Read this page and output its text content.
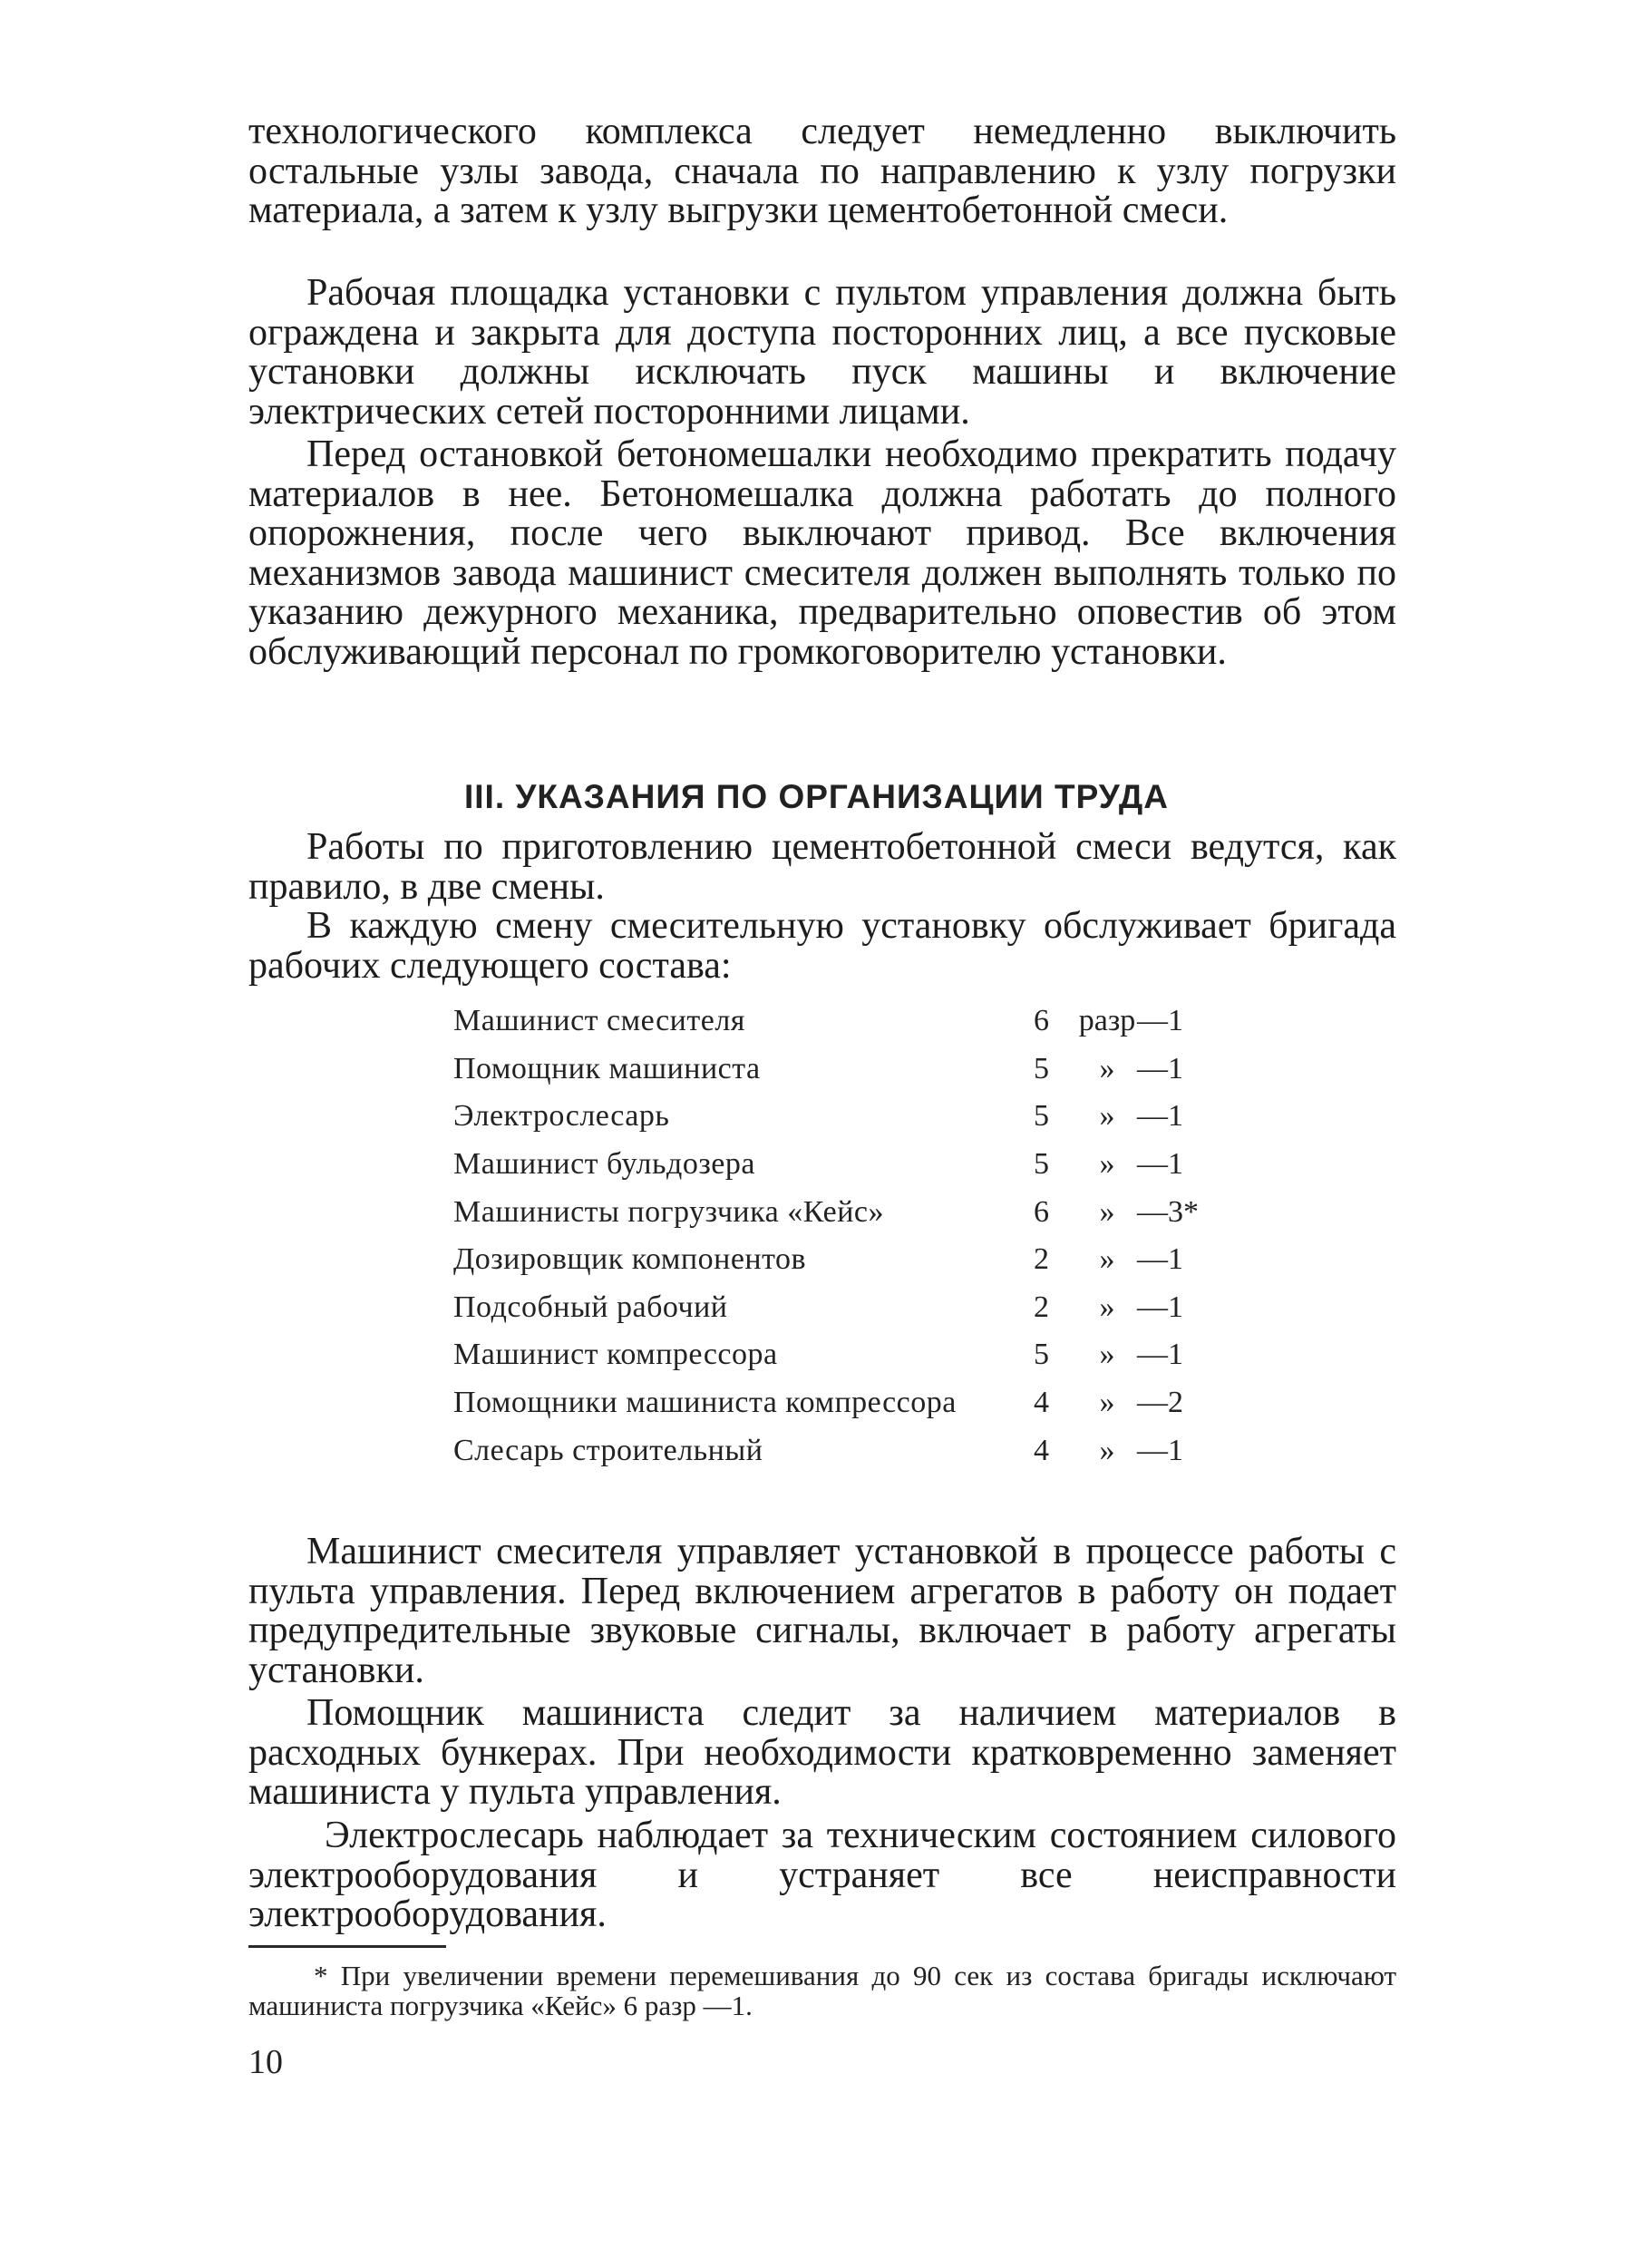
технологического комплекса следует немедленно выключить остальные узлы завода, сначала по направлению к узлу погрузки материала, а затем к узлу выгрузки цементобетонной смеси.

Рабочая площадка установки с пультом управления должна быть ограждена и закрыта для доступа посторонних лиц, а все пусковые установки должны исключать пуск машины и включение электрических сетей посторонними лицами.

Перед остановкой бетономешалки необходимо прекратить подачу материалов в нее. Бетономешалка должна работать до полного опорожнения, после чего выключают привод. Все включения механизмов завода машинист смесителя должен выполнять только по указанию дежурного механика, предварительно оповестив об этом обслуживающий персонал по громкоговорителю установки.

III. УКАЗАНИЯ ПО ОРГАНИЗАЦИИ ТРУДА

Работы по приготовлению цементобетонной смеси ведутся, как правило, в две смены.

В каждую смену смесительную установку обслуживает бригада рабочих следующего состава:

Машинист смесителя	6	разр	—1
Помощник машиниста	5	»	—1
Электрослесарь	5	»	—1
Машинист бульдозера	5	»	—1
Машинисты погрузчика «Кейс»	6	»	—3*
Дозировщик компонентов	2	»	—1
Подсобный рабочий	2	»	—1
Машинист компрессора	5	»	—1
Помощники машиниста компрессора	4	»	—2
Слесарь строительный	4	»	—1

Машинист смесителя управляет установкой в процессе работы с пульта управления. Перед включением агрегатов в работу он подает предупредительные звуковые сигналы, включает в работу агрегаты установки.

Помощник машиниста следит за наличием материалов в расходных бункерах. При необходимости кратковременно заменяет машиниста у пульта управления.

Электрослесарь наблюдает за техническим состоянием силового электрооборудования и устраняет все неисправности электрооборудования.

* При увеличении времени перемешивания до 90 сек из состава бригады исключают машиниста погрузчика «Кейс» 6 разр —1.

10
